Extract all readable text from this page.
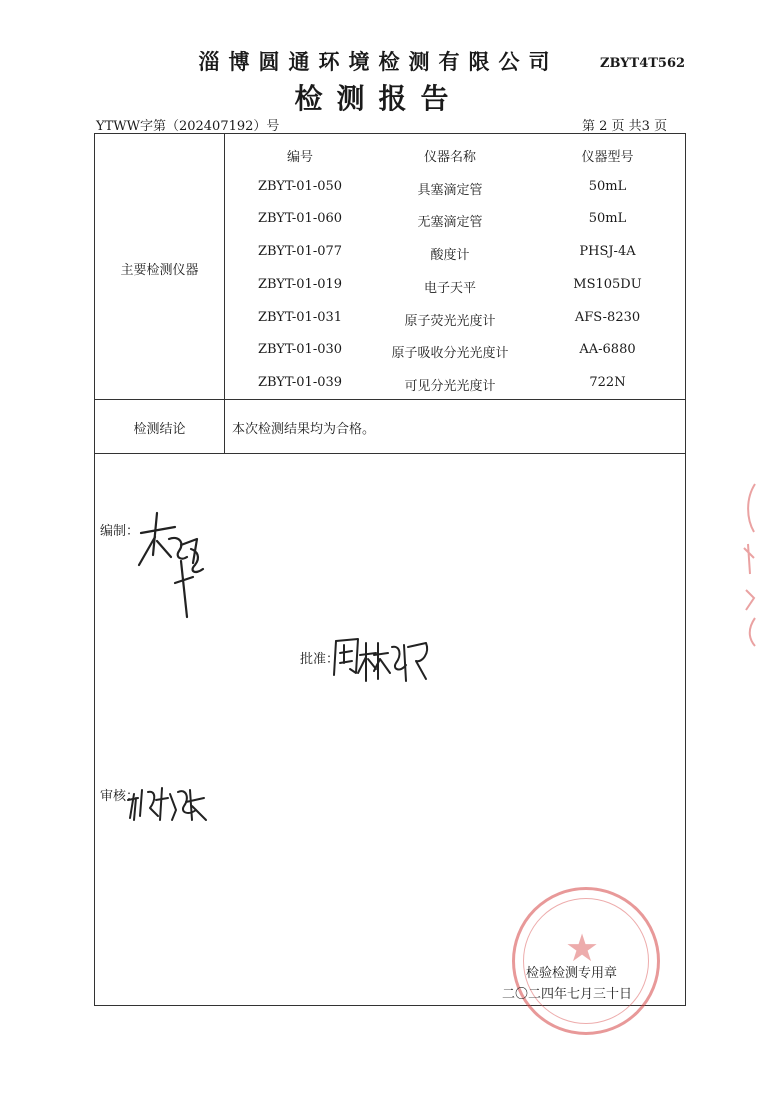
淄博圆通环境检测有限公司	ZBYT4T562
检测报告
YTWW字第（202407192）号	第 2 页 共3 页
主要检测仪器
编号	仪器名称	仪器型号
ZBYT-01-050	具塞滴定管	50mL
ZBYT-01-060	无塞滴定管	50mL
ZBYT-01-077	酸度计	PHSJ-4A
ZBYT-01-019	电子天平	MS105DU
ZBYT-01-031	原子荧光光度计	AFS-8230
ZBYT-01-030	原子吸收分光光度计	AA-6880
ZBYT-01-039	可见分光光度计	722N
检测结论	本次检测结果均为合格。
编制：
批准：
审核：
★
检验检测专用章
二〇二四年七月三十日
